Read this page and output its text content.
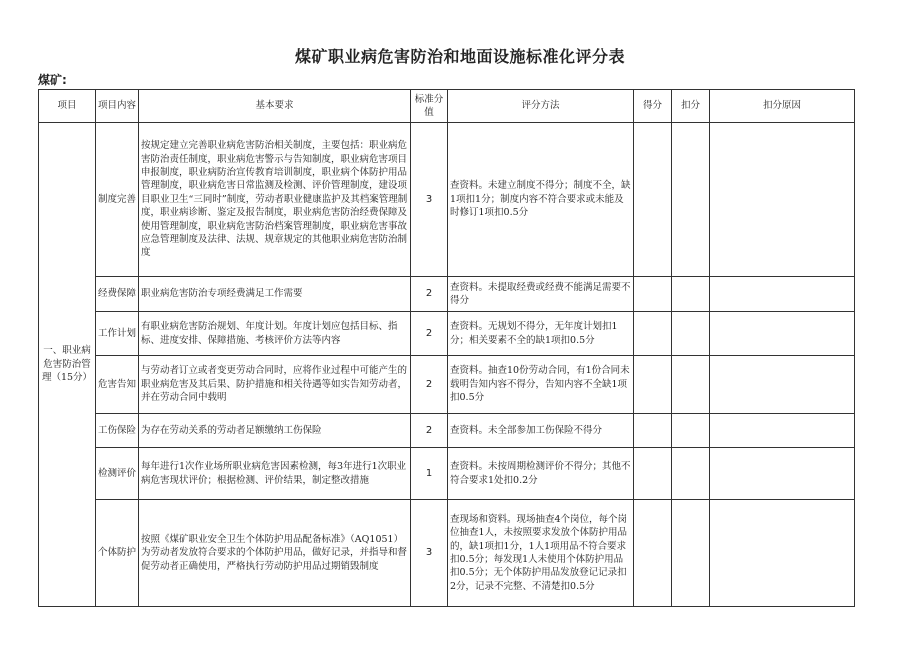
煤矿职业病危害防治和地面设施标准化评分表
煤矿:
项目	项目内容	基本要求	标准分值	评分方法	得分	扣分	扣分原因
一、职业病危害防治管理（15分）	制度完善	按规定建立完善职业病危害防治相关制度，主要包括：职业病危害防治责任制度，职业病危害警示与告知制度，职业病危害项目申报制度，职业病防治宣传教育培训制度，职业病个体防护用品管理制度，职业病危害日常监测及检测、评价管理制度，建设项目职业卫生“三同时”制度，劳动者职业健康监护及其档案管理制度，职业病诊断、鉴定及报告制度，职业病危害防治经费保障及使用管理制度，职业病危害防治档案管理制度，职业病危害事故应急管理制度及法律、法规、规章规定的其他职业病危害防治制度	3	查资料。未建立制度不得分；制度不全，缺1项扣1分；制度内容不符合要求或未能及时修订1项扣0.5分			
	经费保障	职业病危害防治专项经费满足工作需要	2	查资料。未提取经费或经费不能满足需要不得分			
	工作计划	有职业病危害防治规划、年度计划。年度计划应包括目标、指标、进度安排、保障措施、考核评价方法等内容	2	查资料。无规划不得分，无年度计划扣1分；相关要素不全的缺1项扣0.5分			
	危害告知	与劳动者订立或者变更劳动合同时，应将作业过程中可能产生的职业病危害及其后果、防护措施和相关待遇等如实告知劳动者，并在劳动合同中载明	2	查资料。抽查10份劳动合同，有1份合同未载明告知内容不得分，告知内容不全缺1项扣0.5分			
	工伤保险	为存在劳动关系的劳动者足额缴纳工伤保险	2	查资料。未全部参加工伤保险不得分			
	检测评价	每年进行1次作业场所职业病危害因素检测，每3年进行1次职业病危害现状评价；根据检测、评价结果，制定整改措施	1	查资料。未按周期检测评价不得分；其他不符合要求1处扣0.2分			
	个体防护	按照《煤矿职业安全卫生个体防护用品配备标准》（AQ1051）为劳动者发放符合要求的个体防护用品，做好记录，并指导和督促劳动者正确使用，严格执行劳动防护用品过期销毁制度	3	查现场和资料。现场抽查4个岗位，每个岗位抽查1人，未按照要求发放个体防护用品的，缺1项扣1分，1人1项用品不符合要求扣0.5分；每发现1人未使用个体防护用品扣0.5分；无个体防护用品发放登记记录扣2分，记录不完整、不清楚扣0.5分			
